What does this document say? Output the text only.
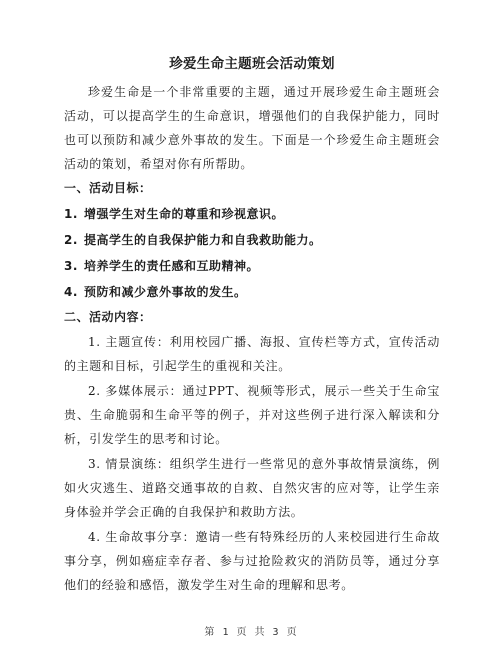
珍爱生命主题班会活动策划

珍爱生命是一个非常重要的主题，通过开展珍爱生命主题班会活动，可以提高学生的生命意识，增强他们的自我保护能力，同时也可以预防和减少意外事故的发生。下面是一个珍爱生命主题班会活动的策划，希望对你有所帮助。

一、活动目标：

1. 增强学生对生命的尊重和珍视意识。

2. 提高学生的自我保护能力和自我救助能力。

3. 培养学生的责任感和互助精神。

4. 预防和减少意外事故的发生。

二、活动内容：

1. 主题宣传：利用校园广播、海报、宣传栏等方式，宣传活动的主题和目标，引起学生的重视和关注。

2. 多媒体展示：通过PPT、视频等形式，展示一些关于生命宝贵、生命脆弱和生命平等的例子，并对这些例子进行深入解读和分析，引发学生的思考和讨论。

3. 情景演练：组织学生进行一些常见的意外事故情景演练，例如火灾逃生、道路交通事故的自救、自然灾害的应对等，让学生亲身体验并学会正确的自我保护和救助方法。

4. 生命故事分享：邀请一些有特殊经历的人来校园进行生命故事分享，例如癌症幸存者、参与过抢险救灾的消防员等，通过分享他们的经验和感悟，激发学生对生命的理解和思考。

第 1 页 共 3 页
